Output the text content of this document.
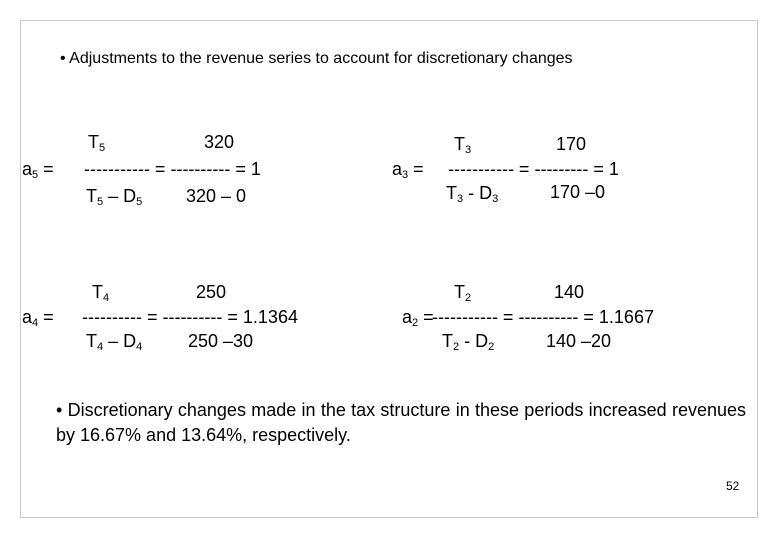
• Adjustments to the revenue series to account for discretionary changes
$T_5$	320
$a_5$ = ----------- = ---------- = 1
$T_5 - D_5$ 320 – 0
$T_3$	170
$a_3$ = ----------- = --------- = 1
$T_3 - D_3$	170 –0
$T_4$	250
$a_4$ = ---------- = ---------- = 1.1364
$T_4 - D_4$	250 –30
$T_2$	140
$a_2$ =
----------- = ---------- = 1.1667
$T_2 - D_2$	140 –20
• Discretionary changes made in the tax structure in these periods increased revenues by 16.67% and 13.64%, respectively.
52
